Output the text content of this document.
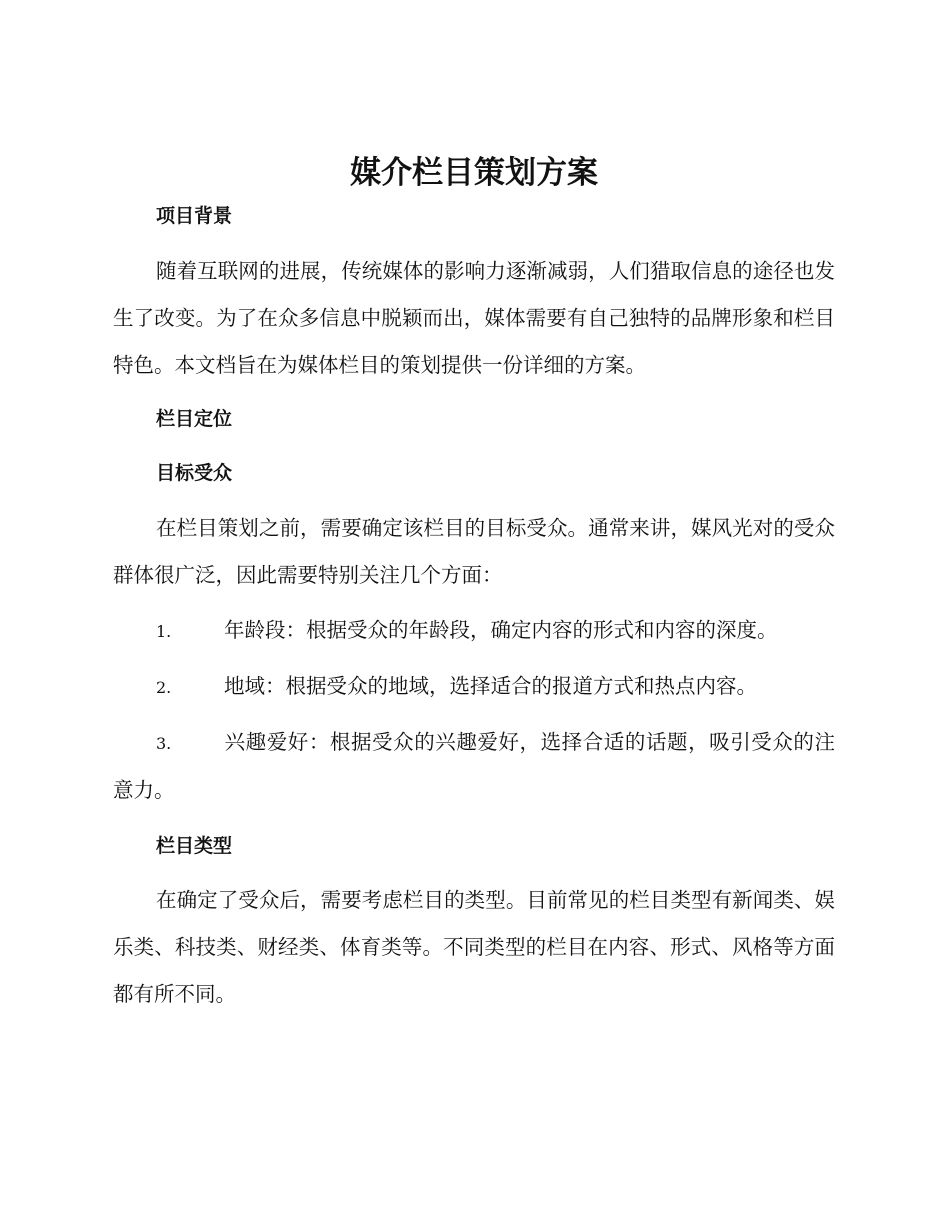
媒介栏目策划方案
项目背景

随着互联网的进展，传统媒体的影响力逐渐减弱，人们猎取信息的途径也发生了改变。为了在众多信息中脱颖而出，媒体需要有自己独特的品牌形象和栏目特色。本文档旨在为媒体栏目的策划提供一份详细的方案。

栏目定位
目标受众

在栏目策划之前，需要确定该栏目的目标受众。通常来讲，媒风光对的受众群体很广泛，因此需要特别关注几个方面：

1.	年龄段：根据受众的年龄段，确定内容的形式和内容的深度。

2.	地域：根据受众的地域，选择适合的报道方式和热点内容。

3.	兴趣爱好：根据受众的兴趣爱好，选择合适的话题，吸引受众的注意力。

栏目类型

在确定了受众后，需要考虑栏目的类型。目前常见的栏目类型有新闻类、娱乐类、科技类、财经类、体育类等。不同类型的栏目在内容、形式、风格等方面都有所不同。
